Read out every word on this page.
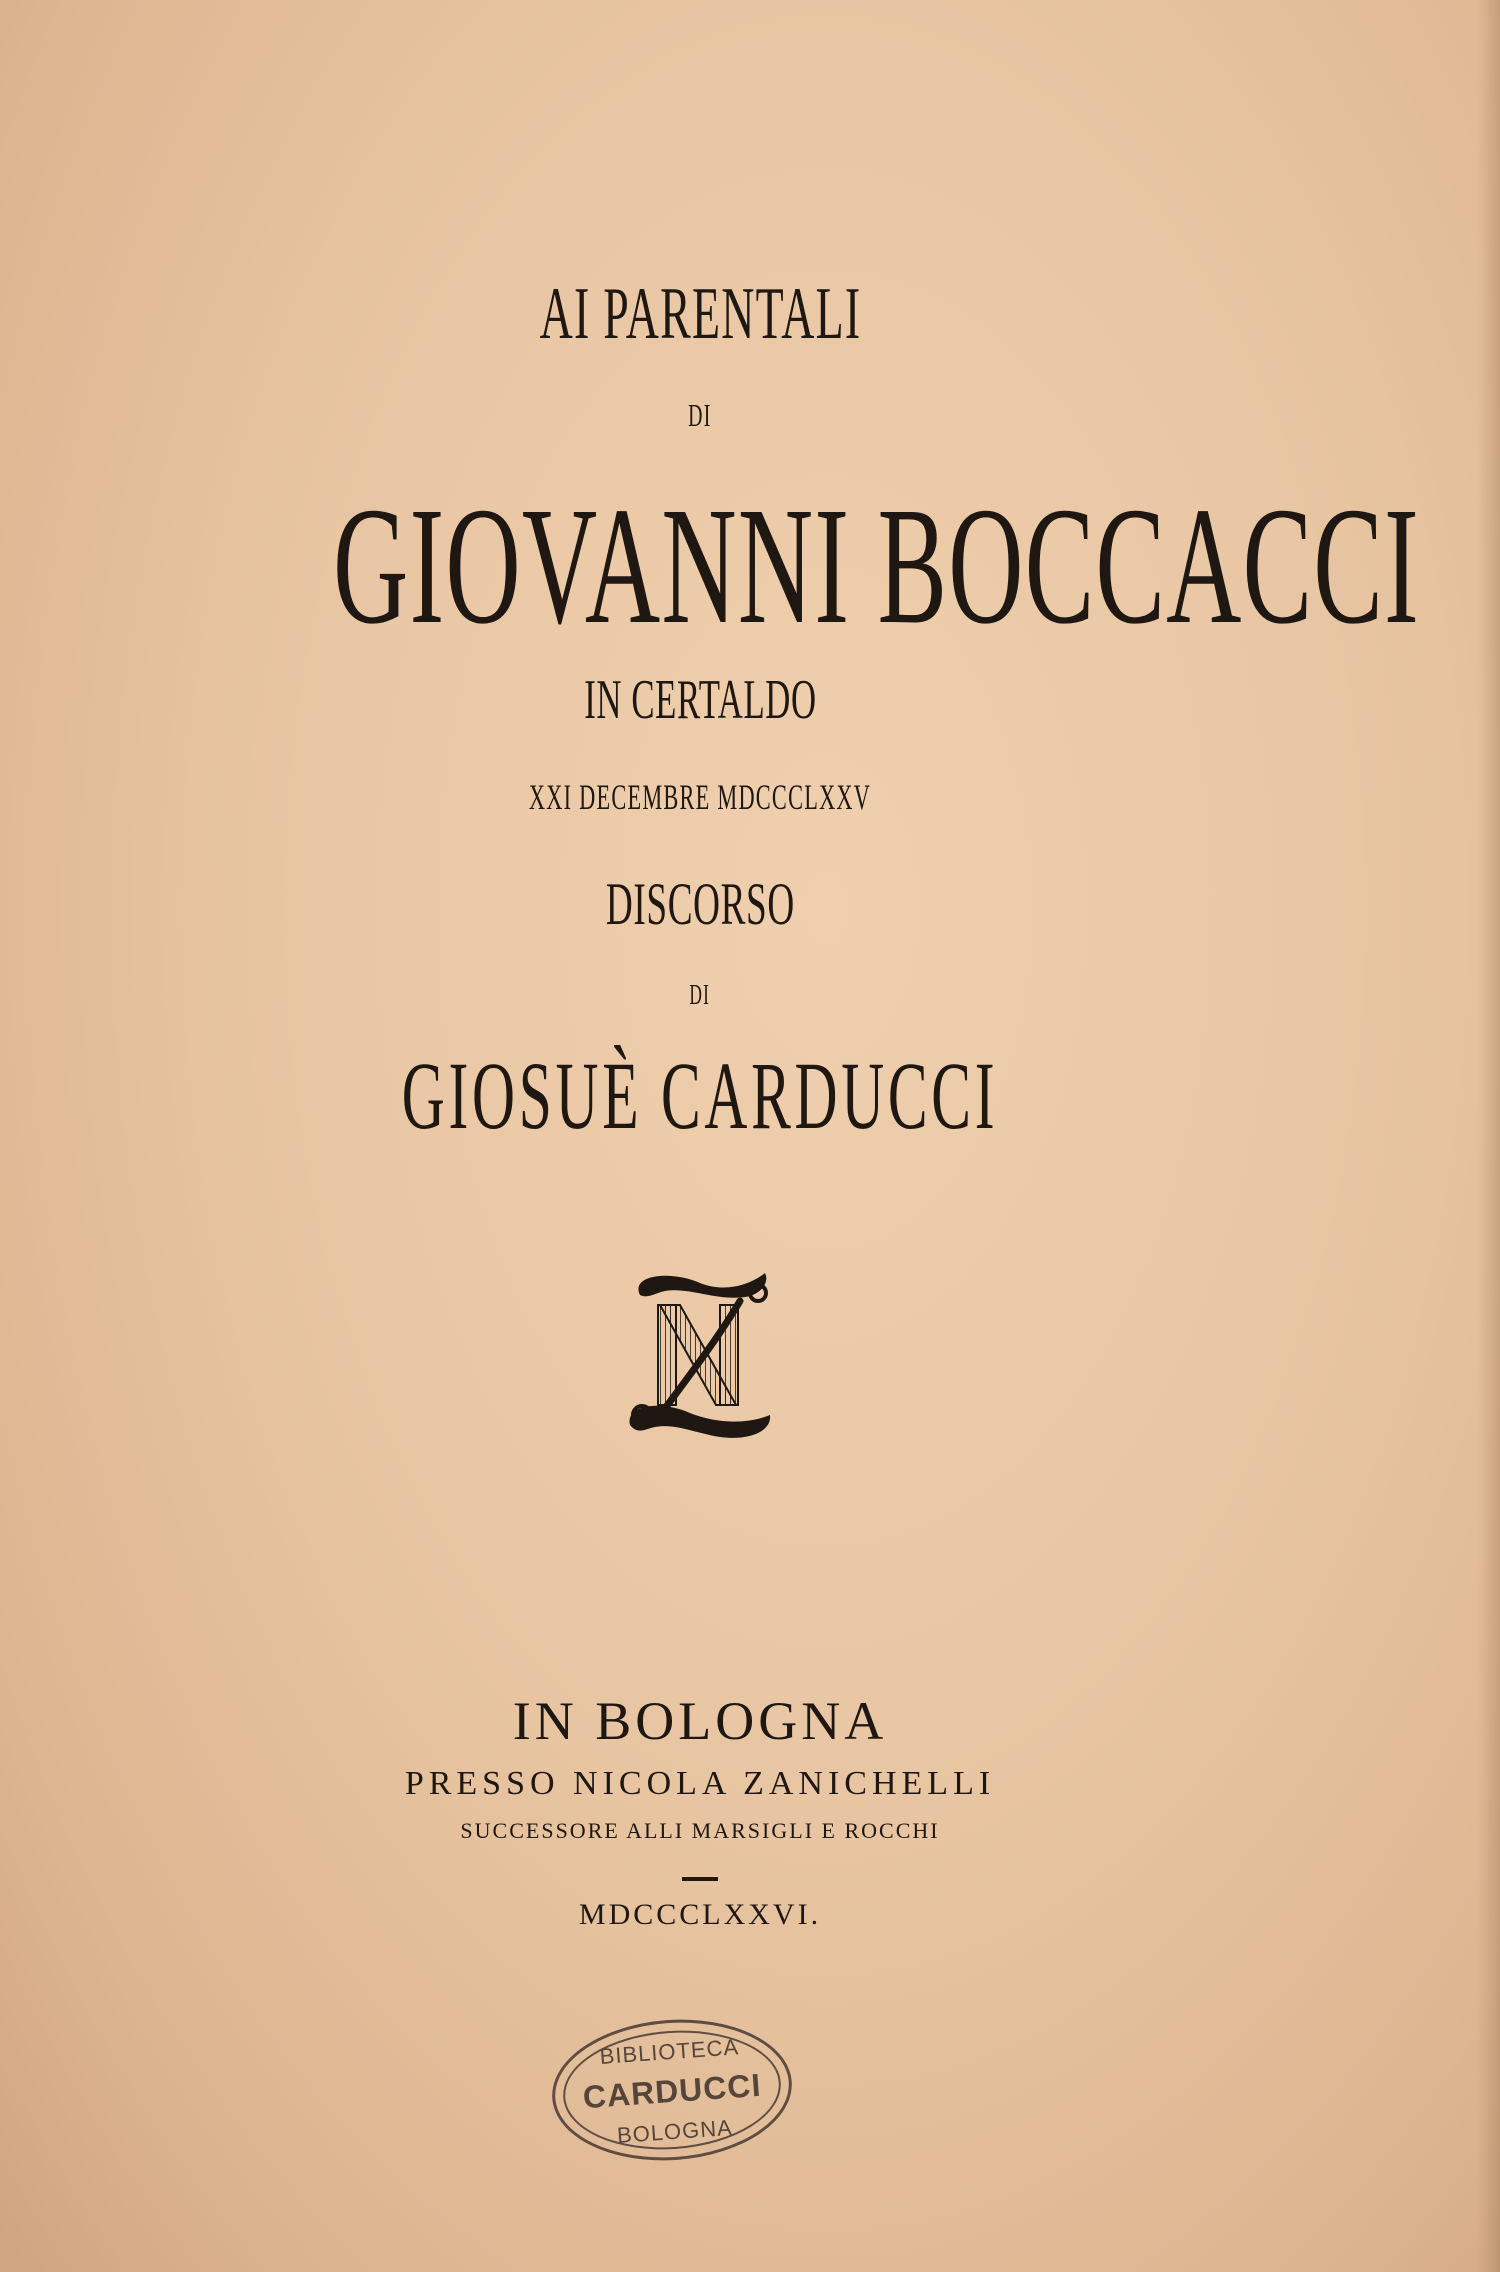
AI PARENTALI
DI
GIOVANNI BOCCACCI
IN CERTALDO
XXI DECEMBRE MDCCCLXXV
DISCORSO
DI
GIOSUÈ CARDUCCI
IN BOLOGNA
PRESSO NICOLA ZANICHELLI
SUCCESSORE ALLI MARSIGLI E ROCCHI
MDCCCLXXVI.
BIBLIOTECA
CARDUCCI
BOLOGNA
